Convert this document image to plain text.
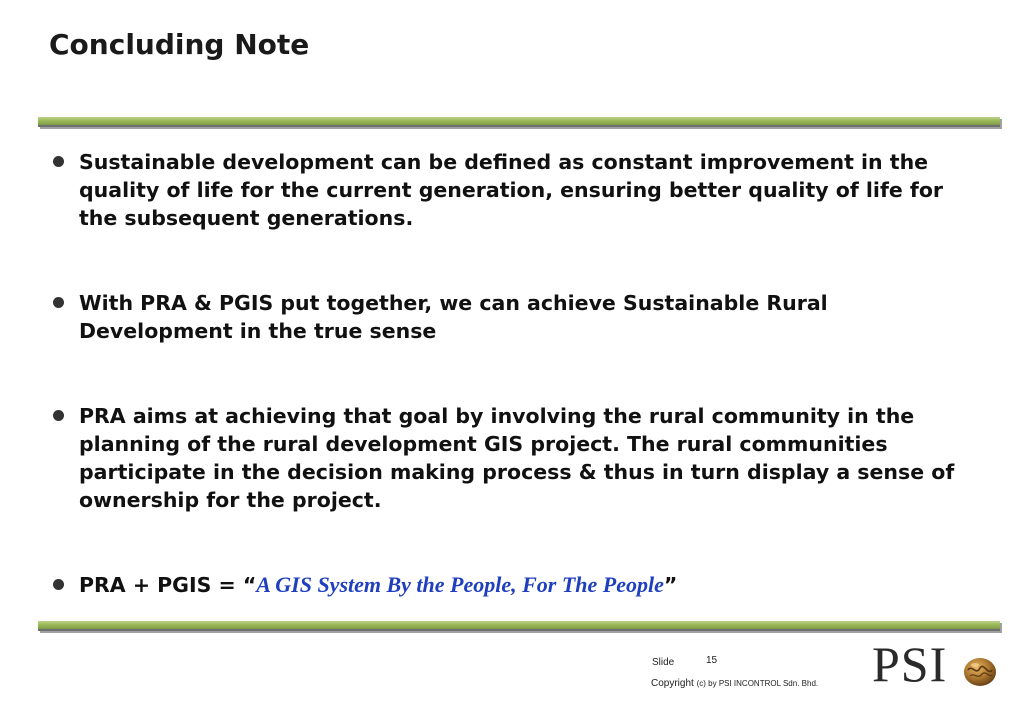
Concluding Note
Sustainable development can be defined as constant improvement in the quality of life for the current generation, ensuring better quality of life for the subsequent generations.
With PRA & PGIS put together, we can achieve Sustainable Rural Development in the true sense
PRA aims at achieving that goal by involving the rural community in the planning of the rural development GIS project. The rural communities participate in the decision making process & thus in turn display a sense of ownership for the project.
PRA + PGIS = “A GIS System By the People, For The People”
Slide	15
Copyright (c) by PSI INCONTROL Sdn. Bhd. PSI
